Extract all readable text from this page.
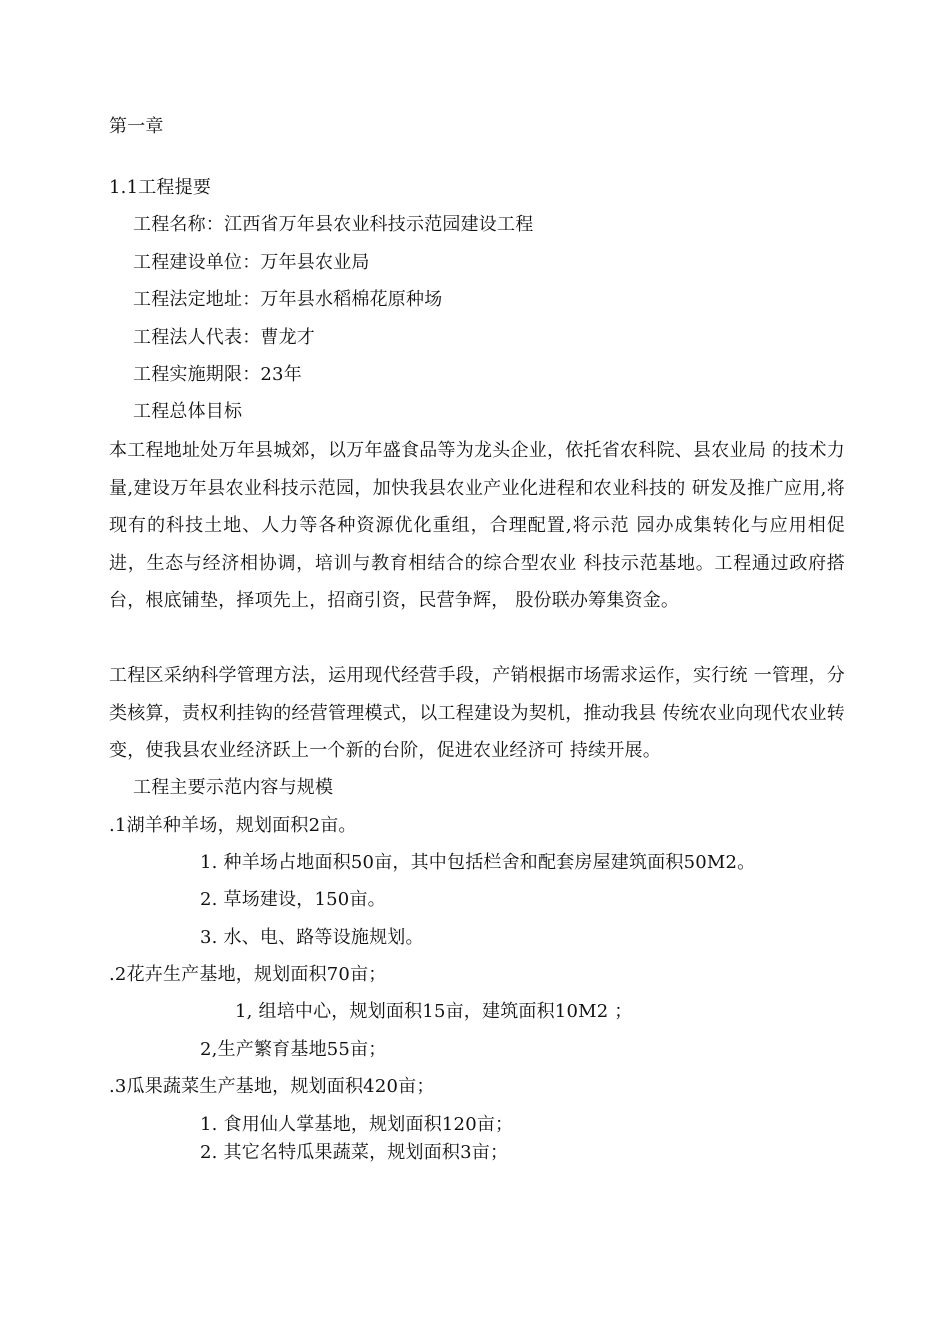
第一章
1.1工程提要
工程名称：江西省万年县农业科技示范园建设工程
工程建设单位：万年县农业局
工程法定地址：万年县水稻棉花原种场
工程法人代表：曹龙才
工程实施期限：23年
工程总体目标
本工程地址处万年县城郊，以万年盛食品等为龙头企业，依托省农科院、县农业局 的技术力量,建设万年县农业科技示范园，加快我县农业产业化进程和农业科技的 研发及推广应用,将现有的科技土地、人力等各种资源优化重组，合理配置,将示范 园办成集转化与应用相促进，生态与经济相协调，培训与教育相结合的综合型农业 科技示范基地。工程通过政府搭台，根底铺垫，择项先上，招商引资，民营争辉， 股份联办筹集资金。
工程区采纳科学管理方法，运用现代经营手段，产销根据市场需求运作，实行统 一管理，分类核算，责权利挂钩的经营管理模式，以工程建设为契机，推动我县 传统农业向现代农业转变，使我县农业经济跃上一个新的台阶，促进农业经济可 持续开展。
工程主要示范内容与规模
.1湖羊种羊场，规划面积2亩。
1. 种羊场占地面积50亩，其中包括栏舍和配套房屋建筑面积50M2。
2. 草场建设，150亩。
3. 水、电、路等设施规划。
.2花卉生产基地，规划面积70亩；
1, 组培中心，规划面积15亩，建筑面积10M2 ；
2,生产繁育基地55亩；
.3瓜果蔬菜生产基地，规划面积420亩；
1. 食用仙人掌基地，规划面积120亩；
2. 其它名特瓜果蔬菜，规划面积3亩；
